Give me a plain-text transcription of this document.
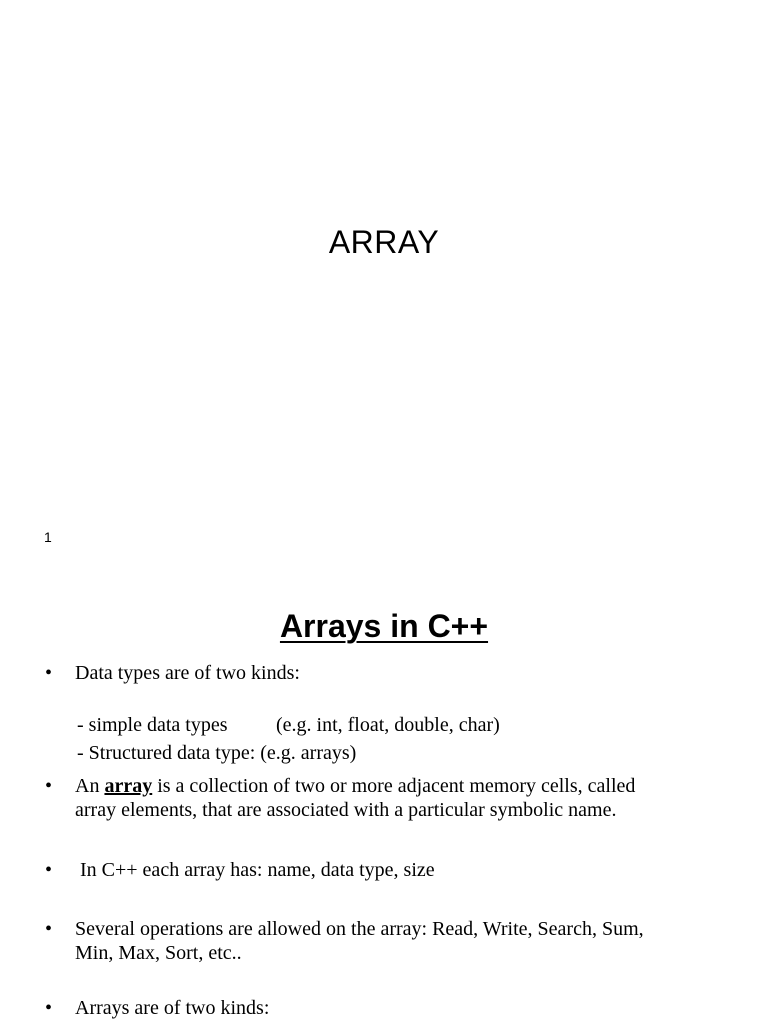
ARRAY
1
Arrays in C++
• Data types are of two kinds:

- simple data types	(e.g. int, float, double, char)

- Structured data type: (e.g. arrays)

• An array is a collection of two or more adjacent memory cells, called
array elements, that are associated with a particular symbolic name.
• In C++ each array has: name, data type, size
• Several operations are allowed on the array: Read, Write, Search, Sum,
Min, Max, Sort, etc..
• Arrays are of two kinds:
